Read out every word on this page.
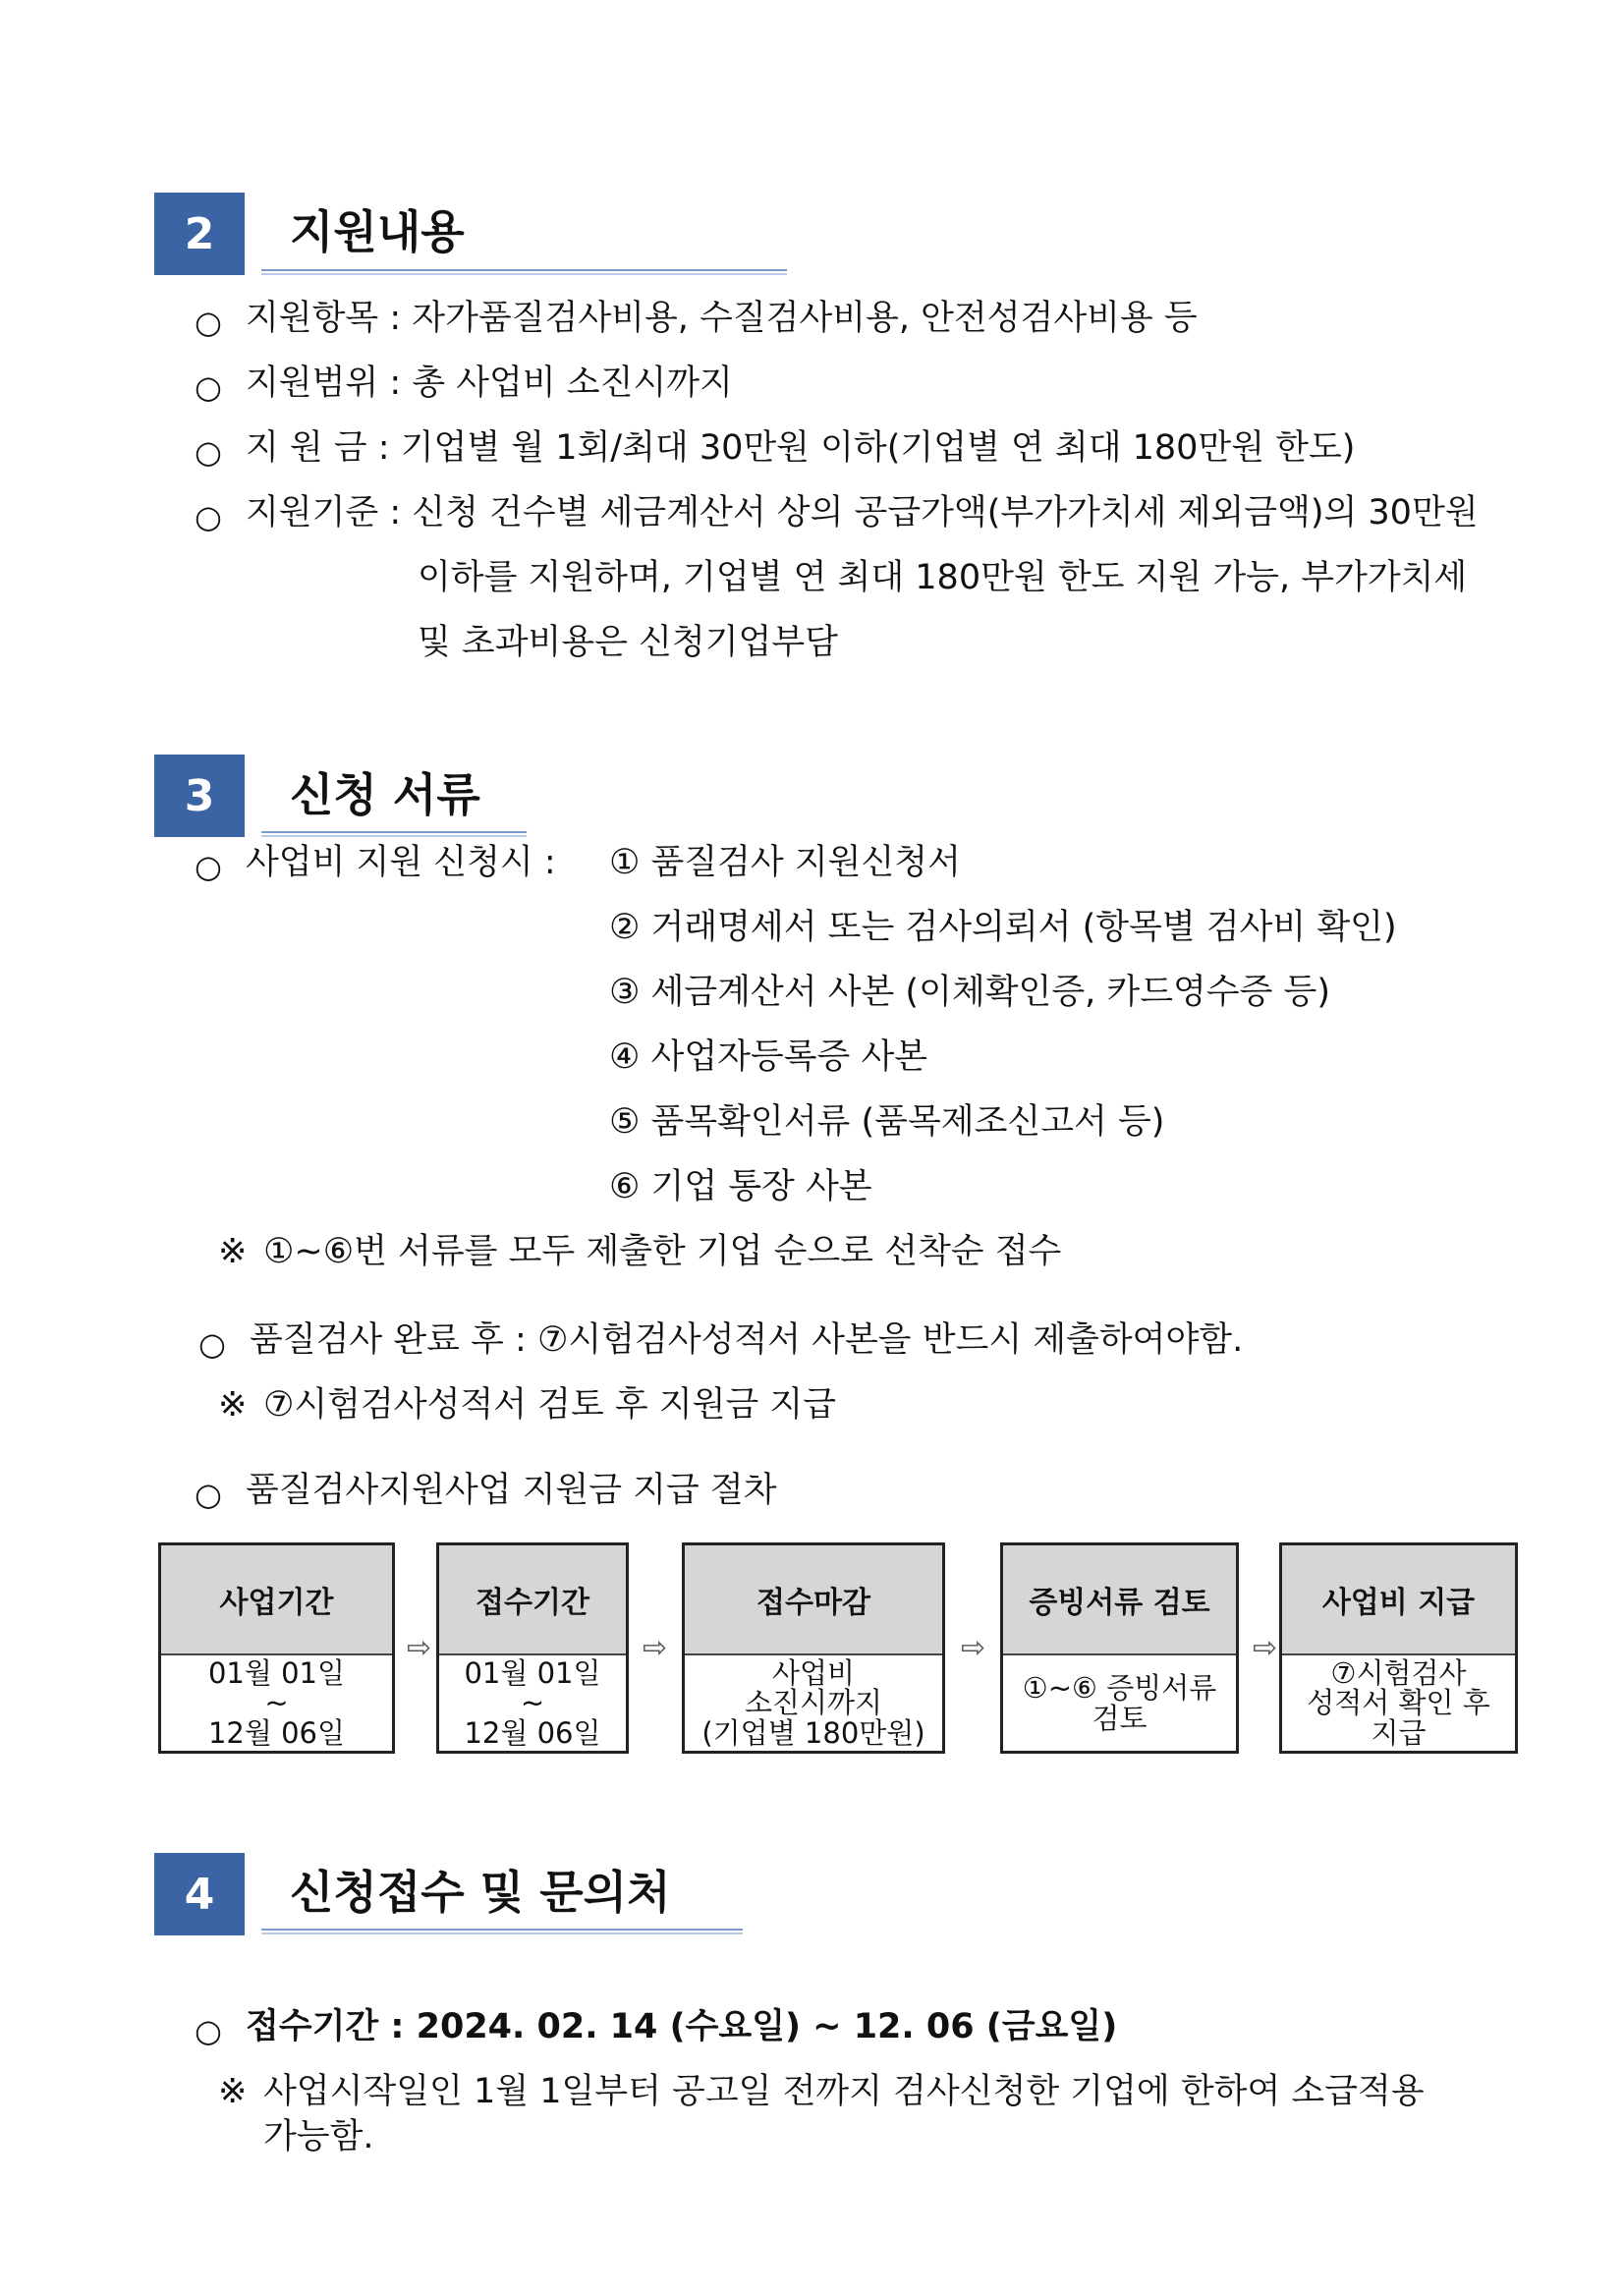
2	지원내용
○ 지원항목 : 자가품질검사비용, 수질검사비용, 안전성검사비용 등
○ 지원범위 : 총 사업비 소진시까지
○ 지 원 금 : 기업별 월 1회/최대 30만원 이하(기업별 연 최대 180만원 한도)
○ 지원기준 : 신청 건수별 세금계산서 상의 공급가액(부가가치세 제외금액)의 30만원
이하를 지원하며, 기업별 연 최대 180만원 한도 지원 가능, 부가가치세
및 초과비용은 신청기업부담
3	신청 서류
○ 사업비 지원 신청시 : ① 품질검사 지원신청서
② 거래명세서 또는 검사의뢰서 (항목별 검사비 확인)
③ 세금계산서 사본 (이체확인증, 카드영수증 등)
④ 사업자등록증 사본
⑤ 품목확인서류 (품목제조신고서 등)
⑥ 기업 통장 사본
※ ①~⑥번 서류를 모두 제출한 기업 순으로 선착순 접수
○ 품질검사 완료 후 : ⑦시험검사성적서 사본을 반드시 제출하여야함.
※ ⑦시험검사성적서 검토 후 지원금 지급
○ 품질검사지원사업 지원금 지급 절차
사업기간
01월 01일
~
12월 06일
⇨
접수기간
01월 01일
~
12월 06일
⇨
접수마감
사업비
소진시까지
(기업별 180만원)
⇨
증빙서류 검토
①~⑥ 증빙서류
검토
⇨
사업비 지급
⑦시험검사
성적서 확인 후
지급
4	신청접수 및 문의처
○ 접수기간 : 2024. 02. 14 (수요일) ~ 12. 06 (금요일)
※ 사업시작일인 1월 1일부터 공고일 전까지 검사신청한 기업에 한하여 소급적용
가능함.
